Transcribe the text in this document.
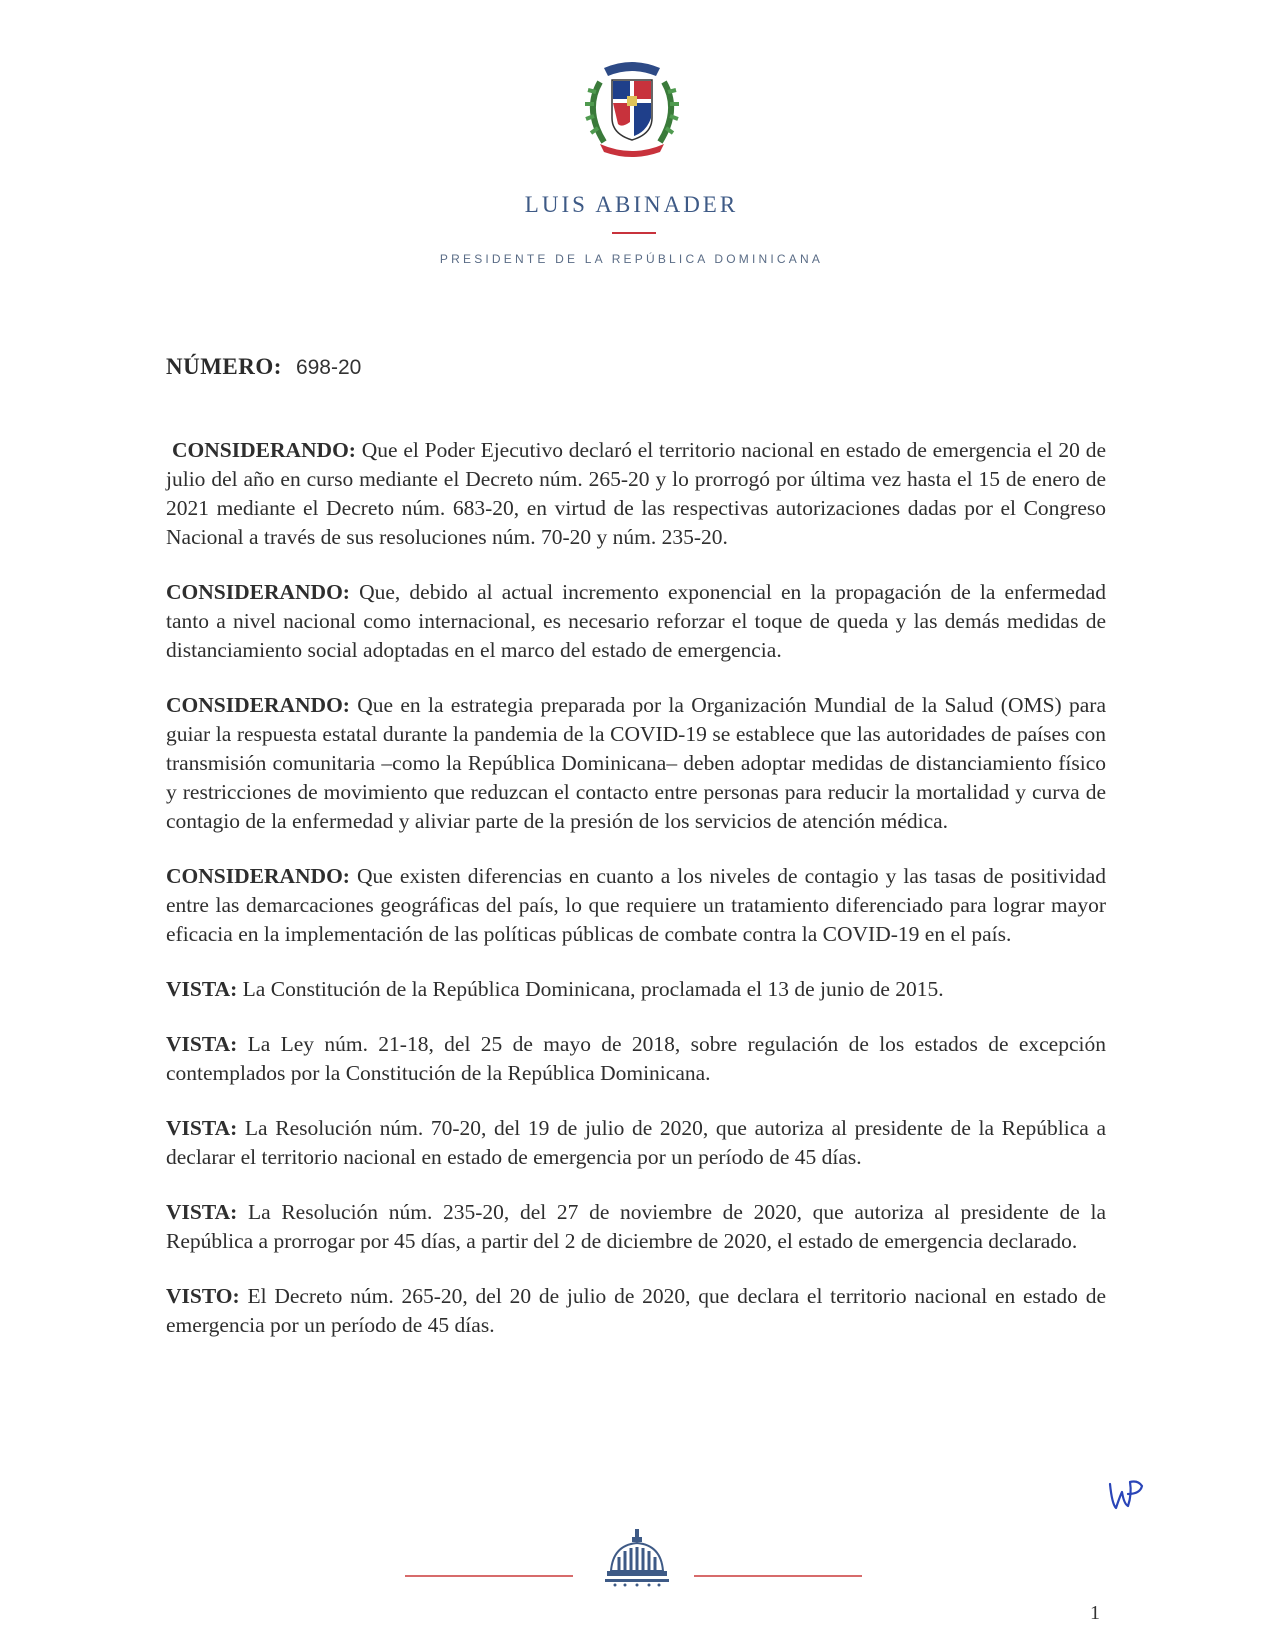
LUIS ABINADER
PRESIDENTE DE LA REPÚBLICA DOMINICANA
NÚMERO: 698-20

CONSIDERANDO: Que el Poder Ejecutivo declaró el territorio nacional en estado de emergencia el 20 de julio del año en curso mediante el Decreto núm. 265-20 y lo prorrogó por última vez hasta el 15 de enero de 2021 mediante el Decreto núm. 683-20, en virtud de las respectivas autorizaciones dadas por el Congreso Nacional a través de sus resoluciones núm. 70-20 y núm. 235-20.

CONSIDERANDO: Que, debido al actual incremento exponencial en la propagación de la enfermedad tanto a nivel nacional como internacional, es necesario reforzar el toque de queda y las demás medidas de distanciamiento social adoptadas en el marco del estado de emergencia.

CONSIDERANDO: Que en la estrategia preparada por la Organización Mundial de la Salud (OMS) para guiar la respuesta estatal durante la pandemia de la COVID-19 se establece que las autoridades de países con transmisión comunitaria –como la República Dominicana– deben adoptar medidas de distanciamiento físico y restricciones de movimiento que reduzcan el contacto entre personas para reducir la mortalidad y curva de contagio de la enfermedad y aliviar parte de la presión de los servicios de atención médica.

CONSIDERANDO: Que existen diferencias en cuanto a los niveles de contagio y las tasas de positividad entre las demarcaciones geográficas del país, lo que requiere un tratamiento diferenciado para lograr mayor eficacia en la implementación de las políticas públicas de combate contra la COVID-19 en el país.

VISTA: La Constitución de la República Dominicana, proclamada el 13 de junio de 2015.

VISTA: La Ley núm. 21-18, del 25 de mayo de 2018, sobre regulación de los estados de excepción contemplados por la Constitución de la República Dominicana.

VISTA: La Resolución núm. 70-20, del 19 de julio de 2020, que autoriza al presidente de la República a declarar el territorio nacional en estado de emergencia por un período de 45 días.

VISTA: La Resolución núm. 235-20, del 27 de noviembre de 2020, que autoriza al presidente de la República a prorrogar por 45 días, a partir del 2 de diciembre de 2020, el estado de emergencia declarado.

VISTO: El Decreto núm. 265-20, del 20 de julio de 2020, que declara el territorio nacional en estado de emergencia por un período de 45 días.

1
